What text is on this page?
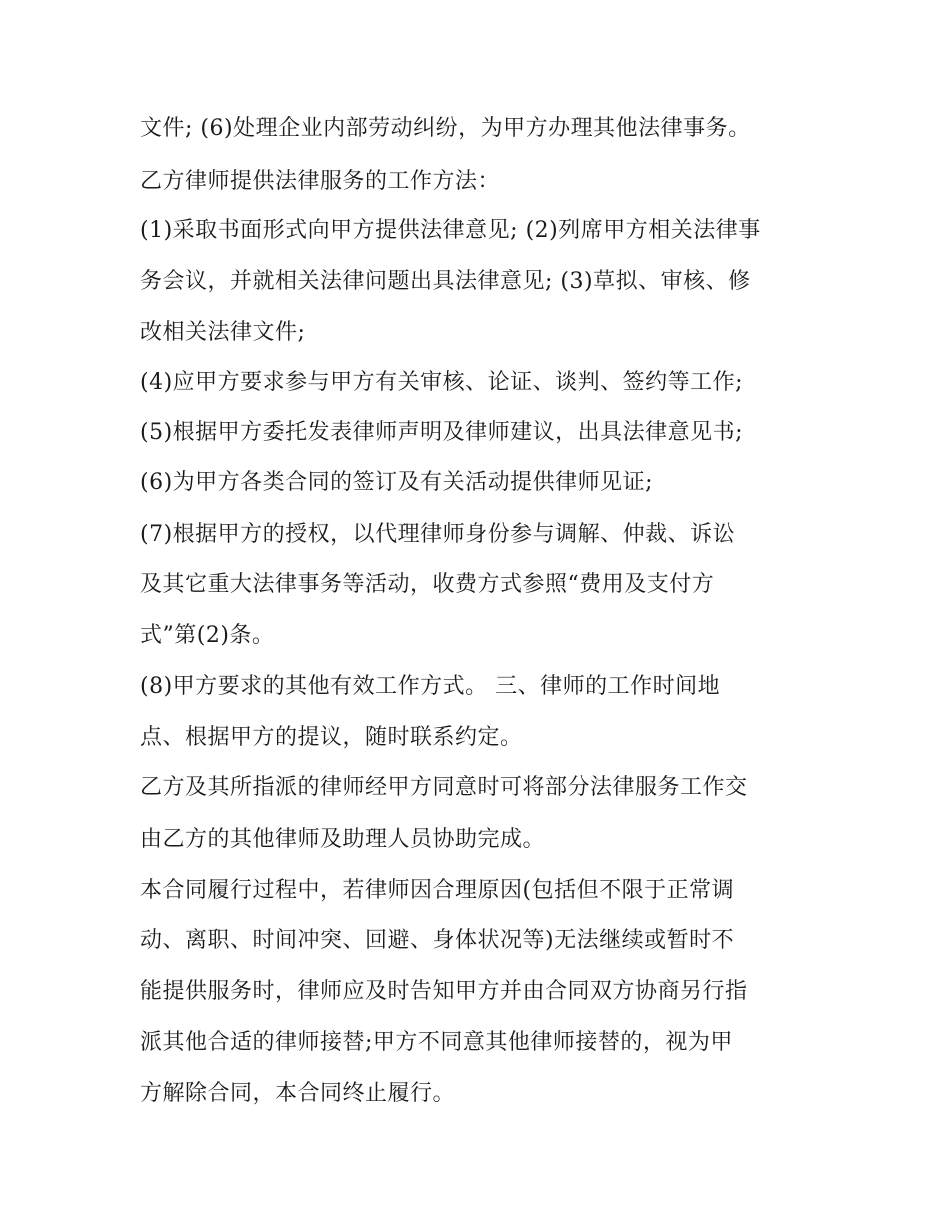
文件; (6)处理企业内部劳动纠纷，为甲方办理其他法律事务。

乙方律师提供法律服务的工作方法：

(1)采取书面形式向甲方提供法律意见; (2)列席甲方相关法律事

务会议，并就相关法律问题出具法律意见; (3)草拟、审核、修

改相关法律文件;

(4)应甲方要求参与甲方有关审核、论证、谈判、签约等工作;

(5)根据甲方委托发表律师声明及律师建议，出具法律意见书;

(6)为甲方各类合同的签订及有关活动提供律师见证;

(7)根据甲方的授权，以代理律师身份参与调解、仲裁、诉讼

及其它重大法律事务等活动，收费方式参照“费用及支付方

式”第(2)条。

(8)甲方要求的其他有效工作方式。 三、律师的工作时间地

点、根据甲方的提议，随时联系约定。

乙方及其所指派的律师经甲方同意时可将部分法律服务工作交

由乙方的其他律师及助理人员协助完成。

本合同履行过程中，若律师因合理原因(包括但不限于正常调

动、离职、时间冲突、回避、身体状况等)无法继续或暂时不

能提供服务时，律师应及时告知甲方并由合同双方协商另行指

派其他合适的律师接替;甲方不同意其他律师接替的，视为甲

方解除合同，本合同终止履行。
